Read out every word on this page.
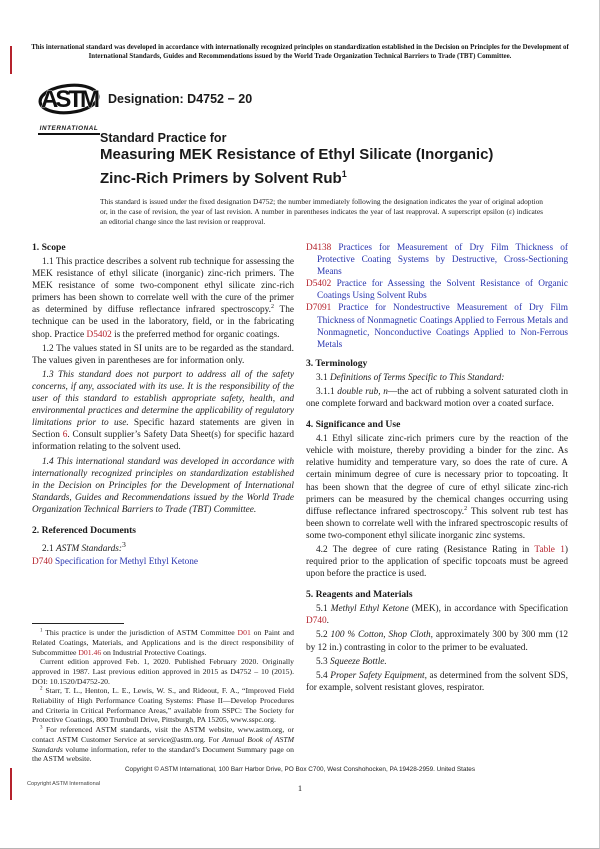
This international standard was developed in accordance with internationally recognized principles on standardization established in the Decision on Principles for the Development of International Standards, Guides and Recommendations issued by the World Trade Organization Technical Barriers to Trade (TBT) Committee.
ASTM
INTERNATIONAL
Designation: D4752 − 20
Standard Practice for
Measuring MEK Resistance of Ethyl Silicate (Inorganic)
Zinc-Rich Primers by Solvent Rub$^1$
This standard is issued under the fixed designation D4752; the number immediately following the designation indicates the year of original adoption or, in the case of revision, the year of last revision. A number in parentheses indicates the year of last reapproval. A superscript epsilon (ε) indicates an editorial change since the last revision or reapproval.
1. Scope

1.1 This practice describes a solvent rub technique for assessing the MEK resistance of ethyl silicate (inorganic) zinc-rich primers. The MEK resistance of some two-component ethyl silicate zinc-rich primers has been shown to correlate well with the cure of the primer as determined by diffuse reflectance infrared spectroscopy.$^2$ The technique can be used in the laboratory, field, or in the fabricating shop. Practice D5402 is the preferred method for organic coatings.

1.2 The values stated in SI units are to be regarded as the standard. The values given in parentheses are for information only.

1.3 This standard does not purport to address all of the safety concerns, if any, associated with its use. It is the responsibility of the user of this standard to establish appropriate safety, health, and environmental practices and determine the applicability of regulatory limitations prior to use. Specific hazard statements are given in Section 6. Consult supplier’s Safety Data Sheet(s) for specific hazard information relating to the solvent used.

1.4 This international standard was developed in accordance with internationally recognized principles on standardization established in the Decision on Principles for the Development of International Standards, Guides and Recommendations issued by the World Trade Organization Technical Barriers to Trade (TBT) Committee.

2. Referenced Documents

2.1 ASTM Standards:$^3$

D740 Specification for Methyl Ethyl Ketone

$^1$ This practice is under the jurisdiction of ASTM Committee D01 on Paint and Related Coatings, Materials, and Applications and is the direct responsibility of Subcommittee D01.46 on Industrial Protective Coatings.

Current edition approved Feb. 1, 2020. Published February 2020. Originally approved in 1987. Last previous edition approved in 2015 as D4752 – 10 (2015). DOI: 10.1520/D4752-20.

$^2$ Starr, T. L., Henton, L. E., Lewis, W. S., and Rideout, F. A., “Improved Field Reliability of High Performance Coating Systems: Phase II—Develop Procedures and Criteria in Critical Performance Areas,” available from SSPC: The Society for Protective Coatings, 800 Trumbull Drive, Pittsburgh, PA 15205, www.sspc.org.

$^3$ For referenced ASTM standards, visit the ASTM website, www.astm.org, or contact ASTM Customer Service at service@astm.org. For Annual Book of ASTM Standards volume information, refer to the standard’s Document Summary page on the ASTM website.

D4138 Practices for Measurement of Dry Film Thickness of Protective Coating Systems by Destructive, Cross-Sectioning Means

D5402 Practice for Assessing the Solvent Resistance of Organic Coatings Using Solvent Rubs

D7091 Practice for Nondestructive Measurement of Dry Film Thickness of Nonmagnetic Coatings Applied to Ferrous Metals and Nonmagnetic, Nonconductive Coatings Applied to Non-Ferrous Metals

3. Terminology

3.1 Definitions of Terms Specific to This Standard:

3.1.1 double rub, n—the act of rubbing a solvent saturated cloth in one complete forward and backward motion over a coated surface.

4. Significance and Use

4.1 Ethyl silicate zinc-rich primers cure by the reaction of the vehicle with moisture, thereby providing a binder for the zinc. As relative humidity and temperature vary, so does the rate of cure. A certain minimum degree of cure is necessary prior to topcoating. It has been shown that the degree of cure of ethyl silicate zinc-rich primers can be measured by the chemical changes occurring using diffuse reflectance infrared spectroscopy.$^2$ This solvent rub test has been shown to correlate well with the infrared spectroscopic results of some two-component ethyl silicate inorganic zinc systems.

4.2 The degree of cure rating (Resistance Rating in Table 1) required prior to the application of specific topcoats must be agreed upon before the practice is used.

5. Reagents and Materials

5.1 Methyl Ethyl Ketone (MEK), in accordance with Specification D740.

5.2 100 % Cotton, Shop Cloth, approximately 300 by 300 mm (12 by 12 in.) contrasting in color to the primer to be evaluated.

5.3 Squeeze Bottle.

5.4 Proper Safety Equipment, as determined from the solvent SDS, for example, solvent resistant gloves, respirator.

Copyright © ASTM International, 100 Barr Harbor Drive, PO Box C700, West Conshohocken, PA 19428-2959. United States
Copyright ASTM International	1
